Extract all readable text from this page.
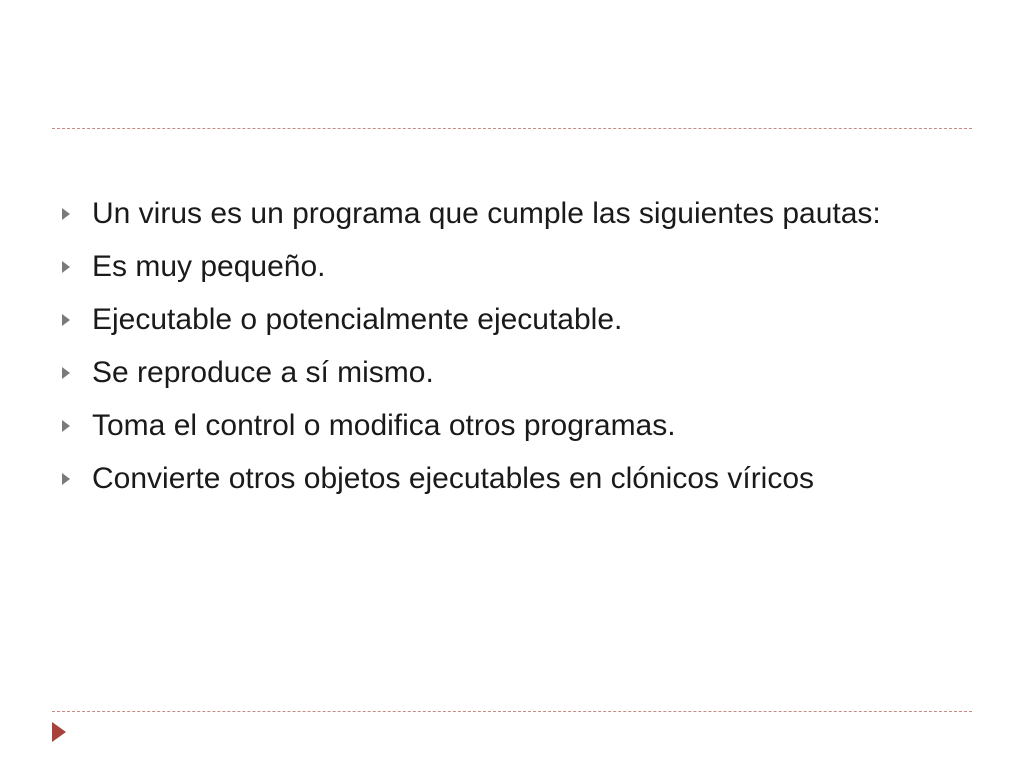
Un virus es un programa que cumple las siguientes pautas:
Es muy pequeño.
Ejecutable o potencialmente ejecutable.
Se reproduce a sí mismo.
Toma el control o modifica otros programas.
Convierte otros objetos ejecutables en clónicos víricos
